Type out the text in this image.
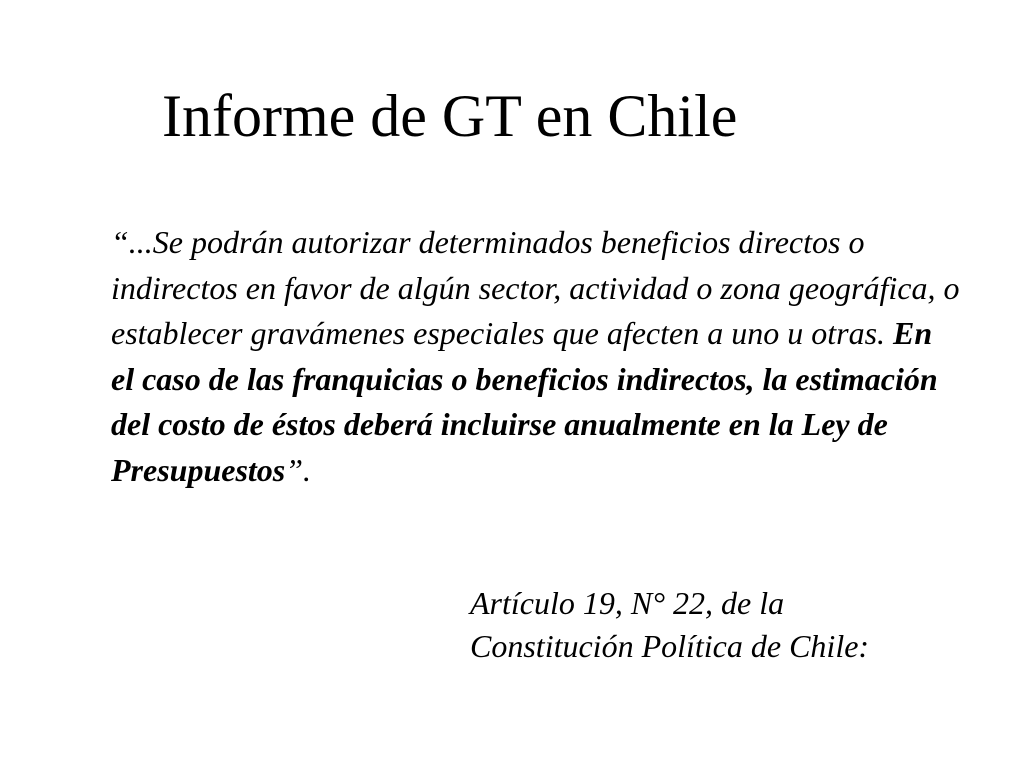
Informe de GT en Chile

“...Se podrán autorizar determinados beneficios directos o indirectos en favor de algún sector, actividad o zona geográfica, o establecer gravámenes especiales que afecten a uno u otras. En el caso de las franquicias o beneficios indirectos, la estimación del costo de éstos deberá incluirse anualmente en la Ley de Presupuestos”.

Artículo 19, N° 22, de la
Constitución Política de Chile:
